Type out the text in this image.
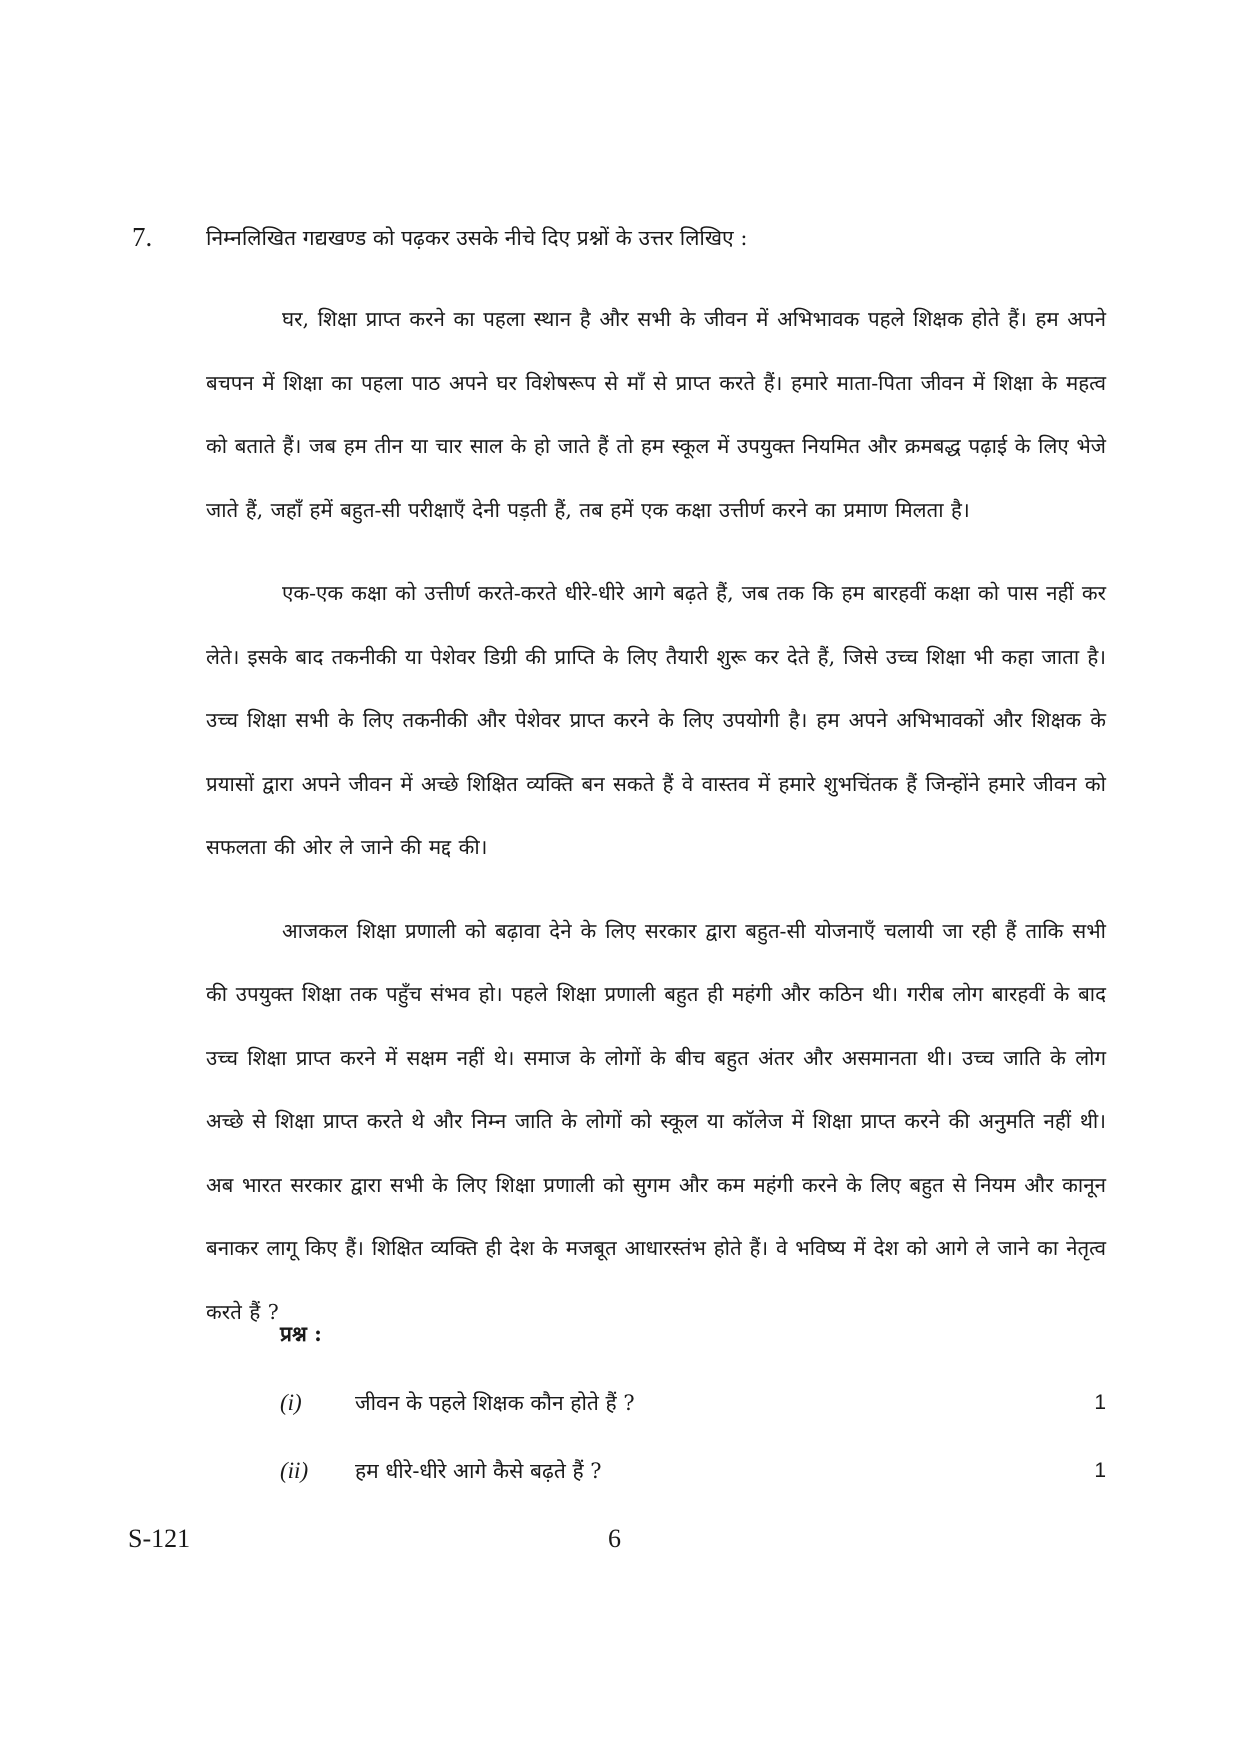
7.	निम्नलिखित गद्यखण्ड को पढ़कर उसके नीचे दिए प्रश्नों के उत्तर लिखिए :

घर, शिक्षा प्राप्त करने का पहला स्थान है और सभी के जीवन में अभिभावक पहले शिक्षक होते हैं। हम अपने बचपन में शिक्षा का पहला पाठ अपने घर विशेषरूप से माँ से प्राप्त करते हैं। हमारे माता-पिता जीवन में शिक्षा के महत्व को बताते हैं। जब हम तीन या चार साल के हो जाते हैं तो हम स्कूल में उपयुक्त नियमित और क्रमबद्ध पढ़ाई के लिए भेजे जाते हैं, जहाँ हमें बहुत-सी परीक्षाएँ देनी पड़ती हैं, तब हमें एक कक्षा उत्तीर्ण करने का प्रमाण मिलता है।

एक-एक कक्षा को उत्तीर्ण करते-करते धीरे-धीरे आगे बढ़ते हैं, जब तक कि हम बारहवीं कक्षा को पास नहीं कर लेते। इसके बाद तकनीकी या पेशेवर डिग्री की प्राप्ति के लिए तैयारी शुरू कर देते हैं, जिसे उच्च शिक्षा भी कहा जाता है। उच्च शिक्षा सभी के लिए तकनीकी और पेशेवर प्राप्त करने के लिए उपयोगी है। हम अपने अभिभावकों और शिक्षक के प्रयासों द्वारा अपने जीवन में अच्छे शिक्षित व्यक्ति बन सकते हैं वे वास्तव में हमारे शुभचिंतक हैं जिन्होंने हमारे जीवन को सफलता की ओर ले जाने की मद्द की।

आजकल शिक्षा प्रणाली को बढ़ावा देने के लिए सरकार द्वारा बहुत-सी योजनाएँ चलायी जा रही हैं ताकि सभी की उपयुक्त शिक्षा तक पहुँच संभव हो। पहले शिक्षा प्रणाली बहुत ही महंगी और कठिन थी। गरीब लोग बारहवीं के बाद उच्च शिक्षा प्राप्त करने में सक्षम नहीं थे। समाज के लोगों के बीच बहुत अंतर और असमानता थी। उच्च जाति के लोग अच्छे से शिक्षा प्राप्त करते थे और निम्न जाति के लोगों को स्कूल या कॉलेज में शिक्षा प्राप्त करने की अनुमति नहीं थी। अब भारत सरकार द्वारा सभी के लिए शिक्षा प्रणाली को सुगम और कम महंगी करने के लिए बहुत से नियम और कानून बनाकर लागू किए हैं। शिक्षित व्यक्ति ही देश के मजबूत आधारस्तंभ होते हैं। वे भविष्य में देश को आगे ले जाने का नेतृत्व करते हैं ?

प्रश्न :
(i)	जीवन के पहले शिक्षक कौन होते हैं ?	1
(ii) हम धीरे-धीरे आगे कैसे बढ़ते हैं ?	1
S-121	6
